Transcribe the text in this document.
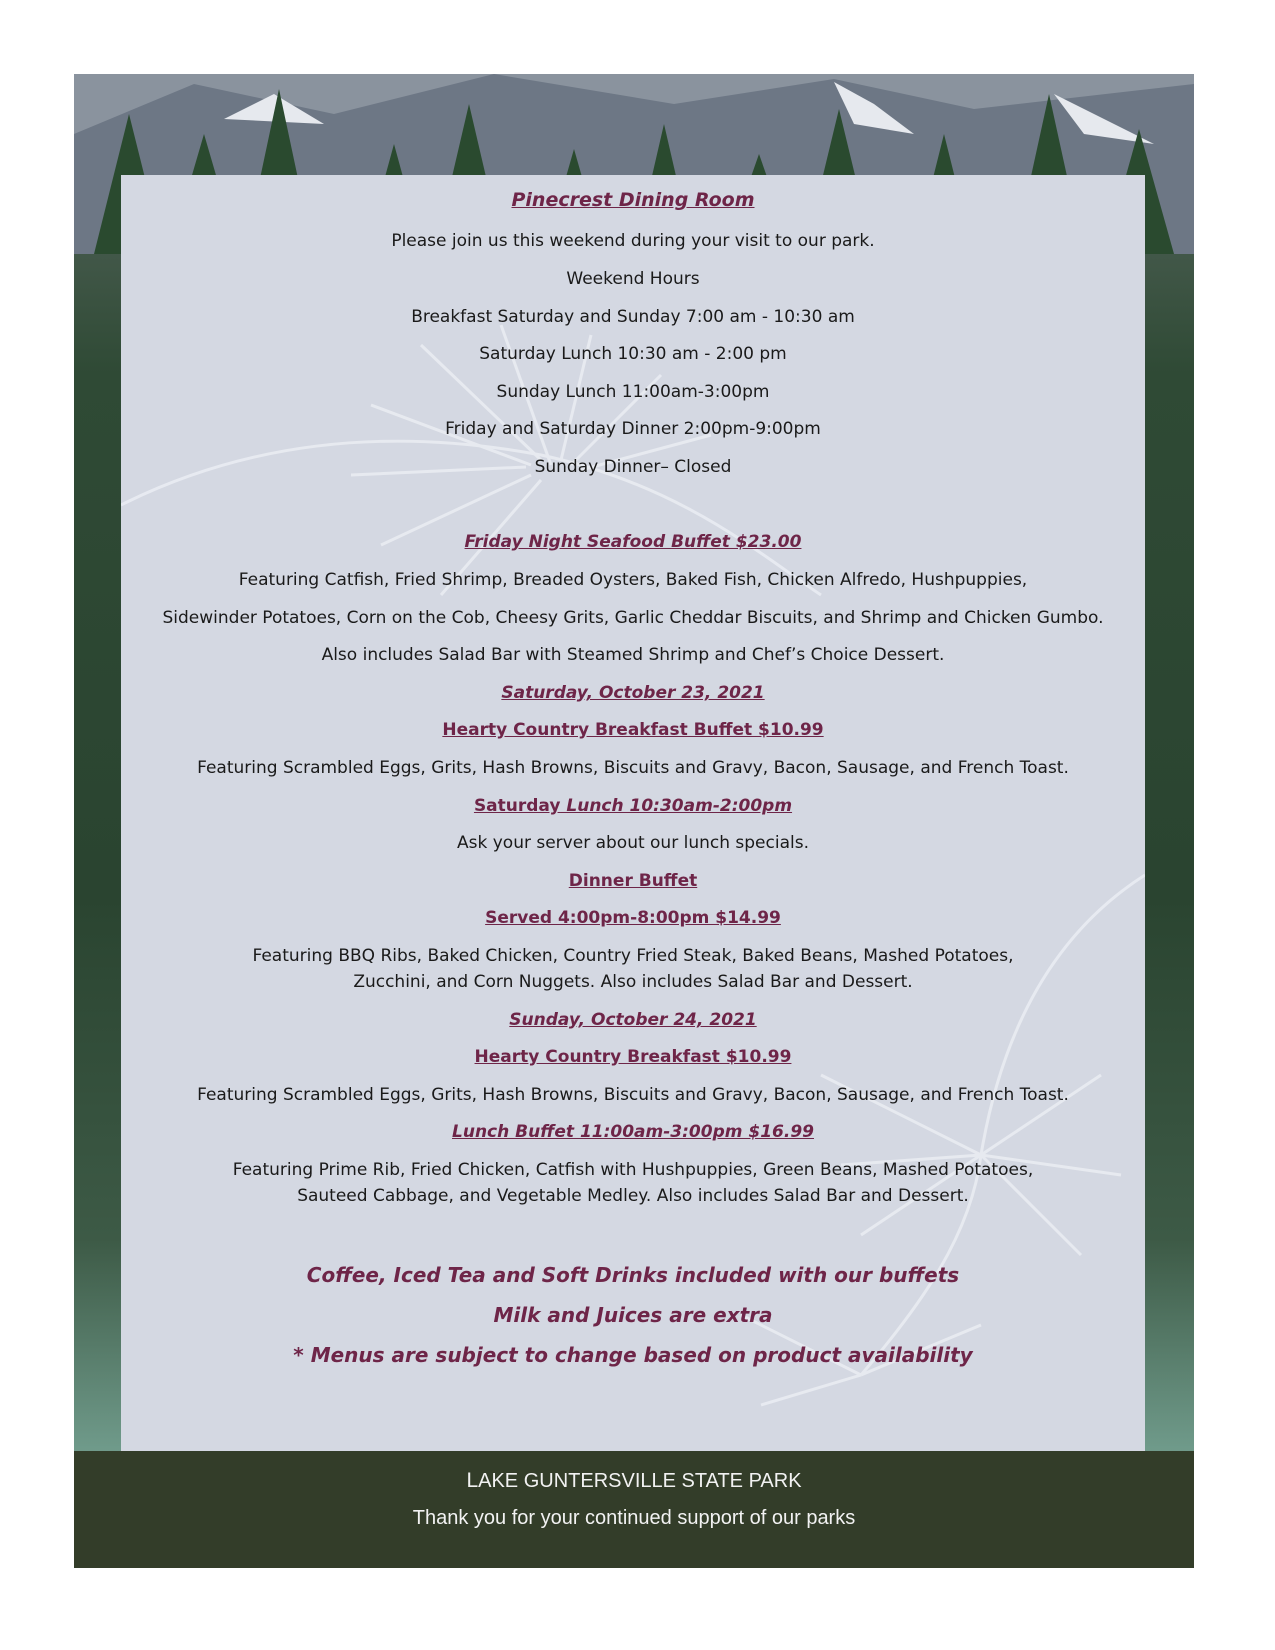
Pinecrest Dining Room
Please join us this weekend during your visit to our park.
Weekend Hours
Breakfast Saturday and Sunday 7:00 am - 10:30 am
Saturday Lunch 10:30 am - 2:00 pm
Sunday Lunch 11:00am-3:00pm
Friday and Saturday Dinner 2:00pm-9:00pm
Sunday Dinner– Closed
Friday Night Seafood Buffet $23.00
Featuring Catfish, Fried Shrimp, Breaded Oysters, Baked Fish, Chicken Alfredo, Hushpuppies,
Sidewinder Potatoes, Corn on the Cob, Cheesy Grits, Garlic Cheddar Biscuits, and Shrimp and Chicken Gumbo.
Also includes Salad Bar with Steamed Shrimp and Chef’s Choice Dessert.
Saturday, October 23, 2021
Hearty Country Breakfast Buffet $10.99
Featuring Scrambled Eggs, Grits, Hash Browns, Biscuits and Gravy, Bacon, Sausage, and French Toast.
Saturday Lunch 10:30am-2:00pm
Ask your server about our lunch specials.
Dinner Buffet
Served 4:00pm-8:00pm $14.99
Featuring BBQ Ribs, Baked Chicken, Country Fried Steak, Baked Beans, Mashed Potatoes,
Zucchini, and Corn Nuggets. Also includes Salad Bar and Dessert.
Sunday, October 24, 2021
Hearty Country Breakfast $10.99
Featuring Scrambled Eggs, Grits, Hash Browns, Biscuits and Gravy, Bacon, Sausage, and French Toast.
Lunch Buffet 11:00am-3:00pm $16.99
Featuring Prime Rib, Fried Chicken, Catfish with Hushpuppies, Green Beans, Mashed Potatoes,
Sauteed Cabbage, and Vegetable Medley. Also includes Salad Bar and Dessert.
Coffee, Iced Tea and Soft Drinks included with our buffets
Milk and Juices are extra
* Menus are subject to change based on product availability
LAKE GUNTERSVILLE STATE PARK
Thank you for your continued support of our parks
